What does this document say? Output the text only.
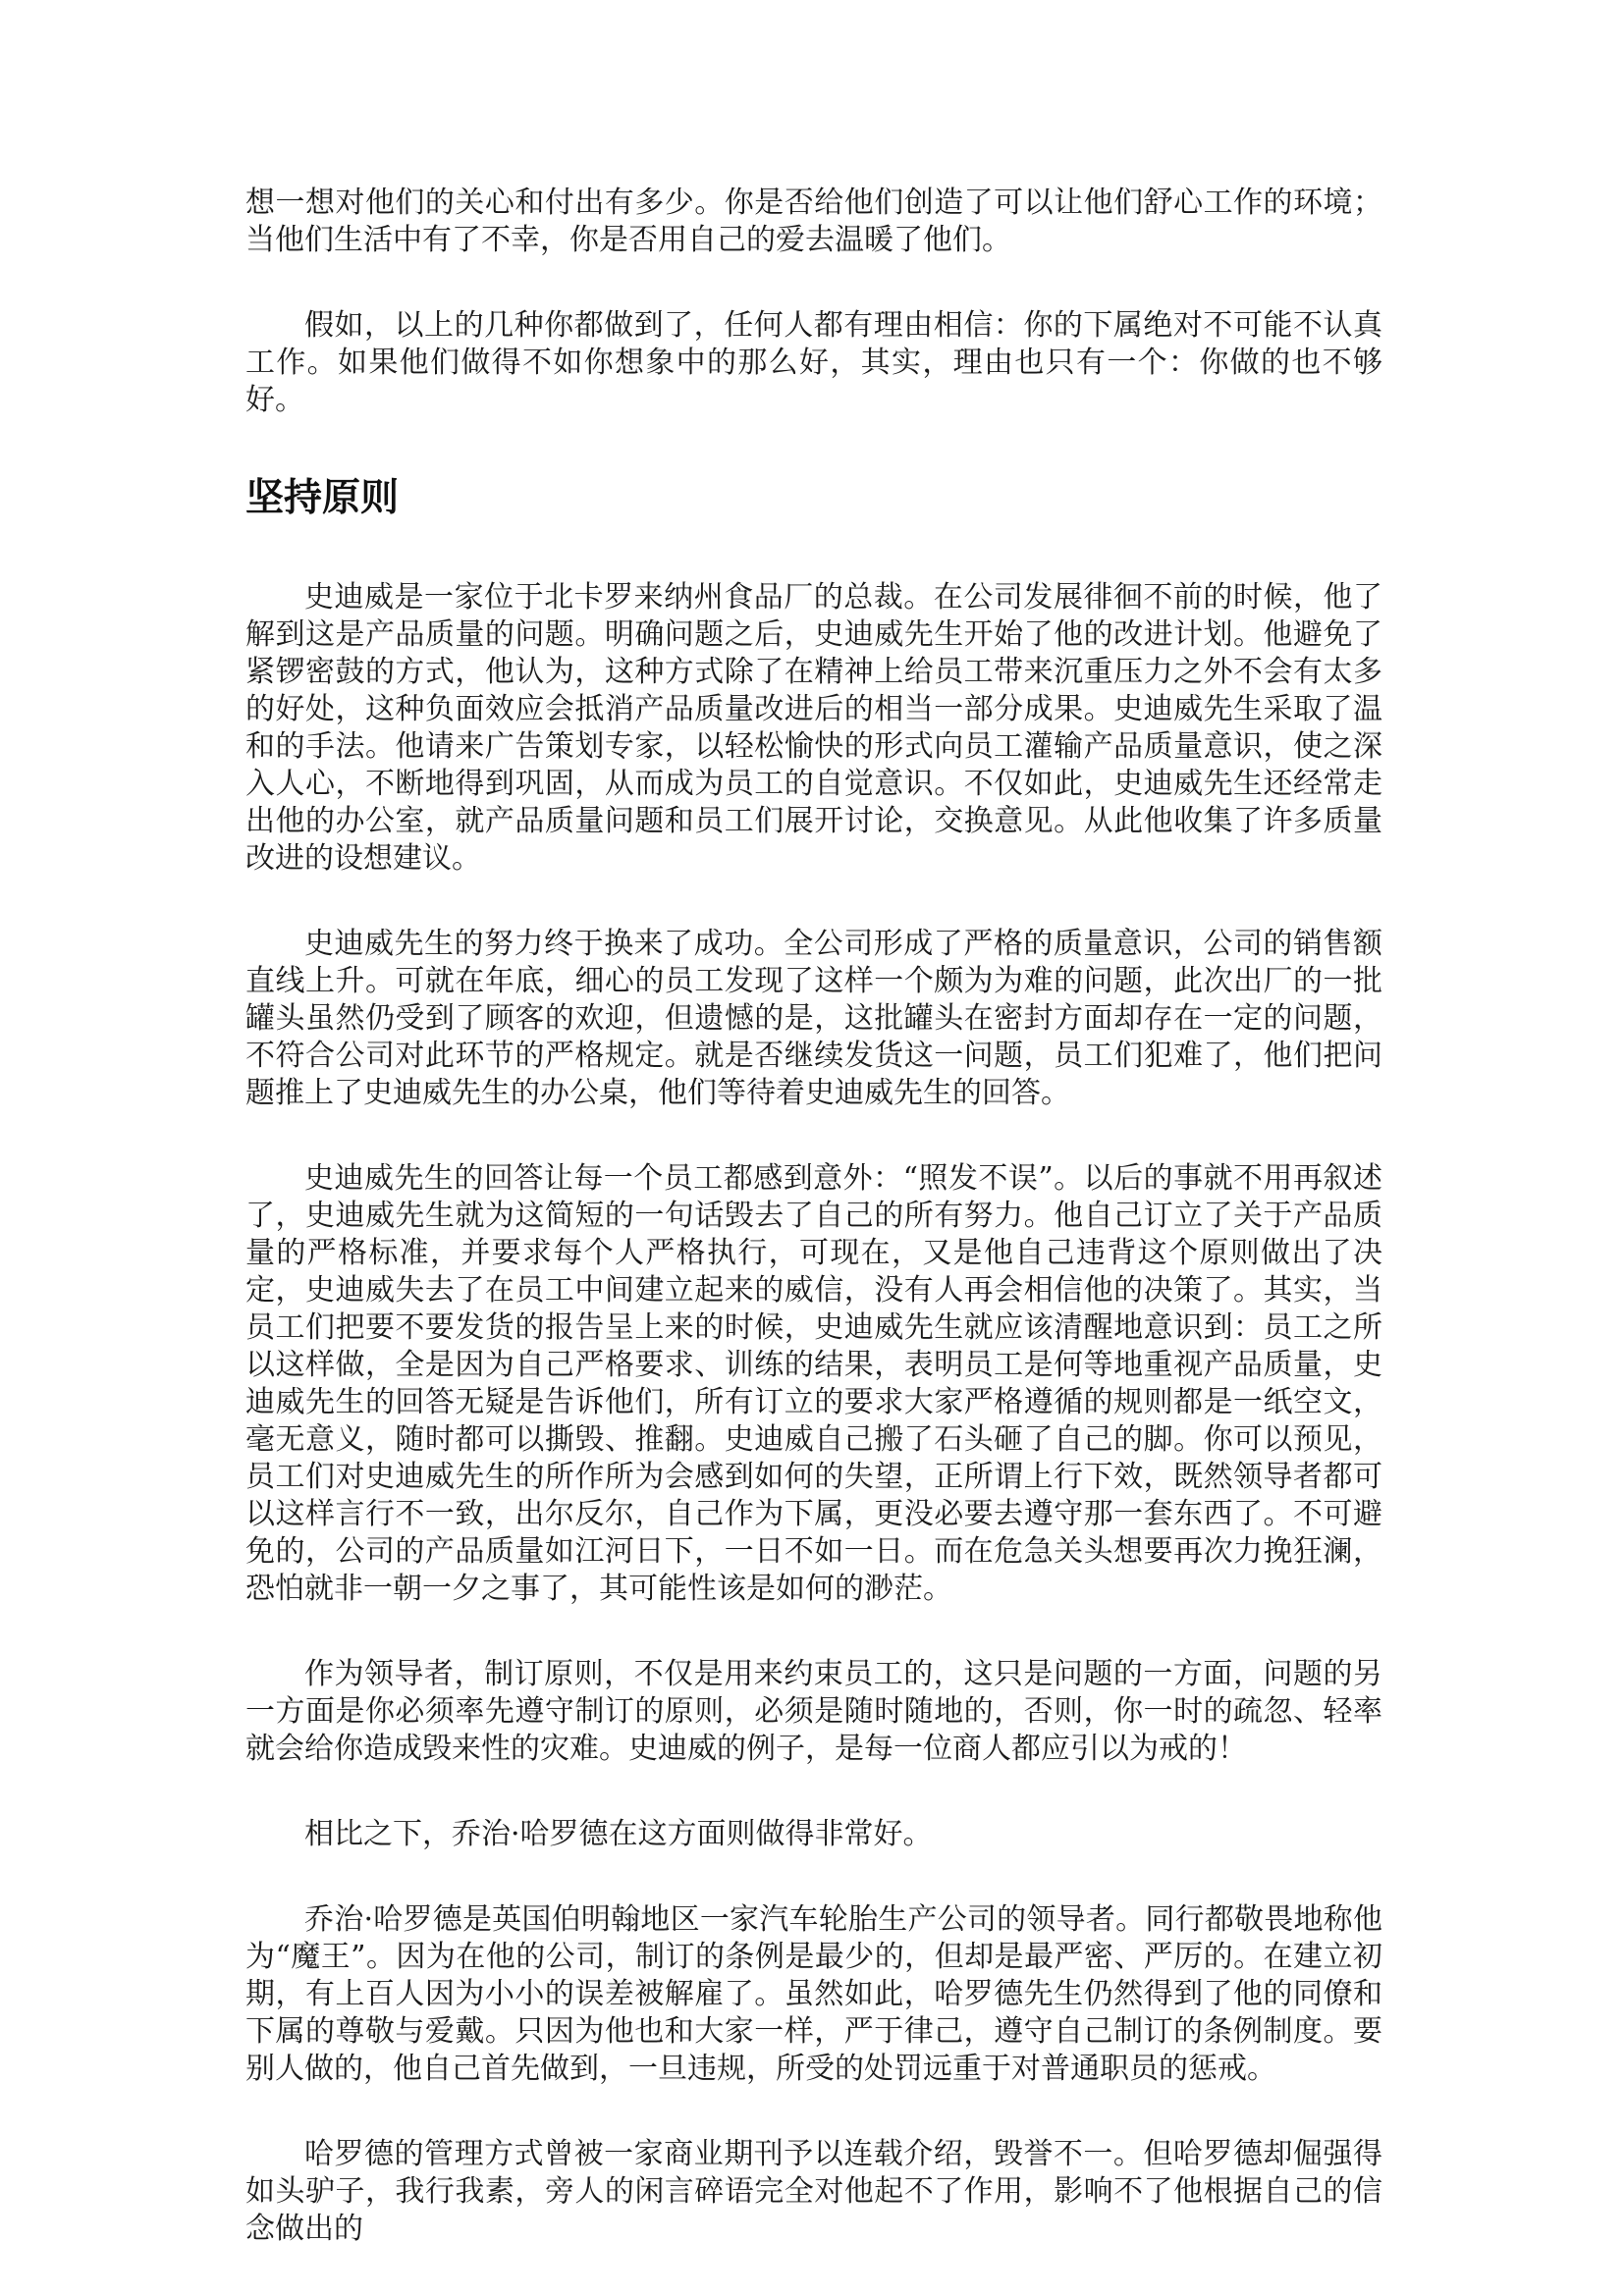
想一想对他们的关心和付出有多少。你是否给他们创造了可以让他们舒心工作的环境；当他们生活中有了不幸，你是否用自己的爱去温暖了他们。

假如，以上的几种你都做到了，任何人都有理由相信：你的下属绝对不可能不认真工作。如果他们做得不如你想象中的那么好，其实，理由也只有一个：你做的也不够好。

坚持原则

史迪威是一家位于北卡罗来纳州食品厂的总裁。在公司发展徘徊不前的时候，他了解到这是产品质量的问题。明确问题之后，史迪威先生开始了他的改进计划。他避免了紧锣密鼓的方式，他认为，这种方式除了在精神上给员工带来沉重压力之外不会有太多的好处，这种负面效应会抵消产品质量改进后的相当一部分成果。史迪威先生采取了温和的手法。他请来广告策划专家，以轻松愉快的形式向员工灌输产品质量意识，使之深入人心，不断地得到巩固，从而成为员工的自觉意识。不仅如此，史迪威先生还经常走出他的办公室，就产品质量问题和员工们展开讨论，交换意见。从此他收集了许多质量改进的设想建议。

史迪威先生的努力终于换来了成功。全公司形成了严格的质量意识，公司的销售额直线上升。可就在年底，细心的员工发现了这样一个颇为为难的问题，此次出厂的一批罐头虽然仍受到了顾客的欢迎，但遗憾的是，这批罐头在密封方面却存在一定的问题，不符合公司对此环节的严格规定。就是否继续发货这一问题，员工们犯难了，他们把问题推上了史迪威先生的办公桌，他们等待着史迪威先生的回答。

史迪威先生的回答让每一个员工都感到意外：“照发不误”。以后的事就不用再叙述了，史迪威先生就为这简短的一句话毁去了自己的所有努力。他自己订立了关于产品质量的严格标准，并要求每个人严格执行，可现在，又是他自己违背这个原则做出了决定，史迪威失去了在员工中间建立起来的威信，没有人再会相信他的决策了。其实，当员工们把要不要发货的报告呈上来的时候，史迪威先生就应该清醒地意识到：员工之所以这样做，全是因为自己严格要求、训练的结果，表明员工是何等地重视产品质量，史迪威先生的回答无疑是告诉他们，所有订立的要求大家严格遵循的规则都是一纸空文，毫无意义，随时都可以撕毁、推翻。史迪威自己搬了石头砸了自己的脚。你可以预见，员工们对史迪威先生的所作所为会感到如何的失望，正所谓上行下效，既然领导者都可以这样言行不一致，出尔反尔，自己作为下属，更没必要去遵守那一套东西了。不可避免的，公司的产品质量如江河日下，一日不如一日。而在危急关头想要再次力挽狂澜，恐怕就非一朝一夕之事了，其可能性该是如何的渺茫。

作为领导者，制订原则，不仅是用来约束员工的，这只是问题的一方面，问题的另一方面是你必须率先遵守制订的原则，必须是随时随地的，否则，你一时的疏忽、轻率就会给你造成毁来性的灾难。史迪威的例子，是每一位商人都应引以为戒的！

相比之下，乔治·哈罗德在这方面则做得非常好。

乔治·哈罗德是英国伯明翰地区一家汽车轮胎生产公司的领导者。同行都敬畏地称他为“魔王”。因为在他的公司，制订的条例是最少的，但却是最严密、严厉的。在建立初期，有上百人因为小小的误差被解雇了。虽然如此，哈罗德先生仍然得到了他的同僚和下属的尊敬与爱戴。只因为他也和大家一样，严于律己，遵守自己制订的条例制度。要别人做的，他自己首先做到，一旦违规，所受的处罚远重于对普通职员的惩戒。

哈罗德的管理方式曾被一家商业期刊予以连载介绍，毁誉不一。但哈罗德却倔强得如头驴子，我行我素，旁人的闲言碎语完全对他起不了作用，影响不了他根据自己的信念做出的
